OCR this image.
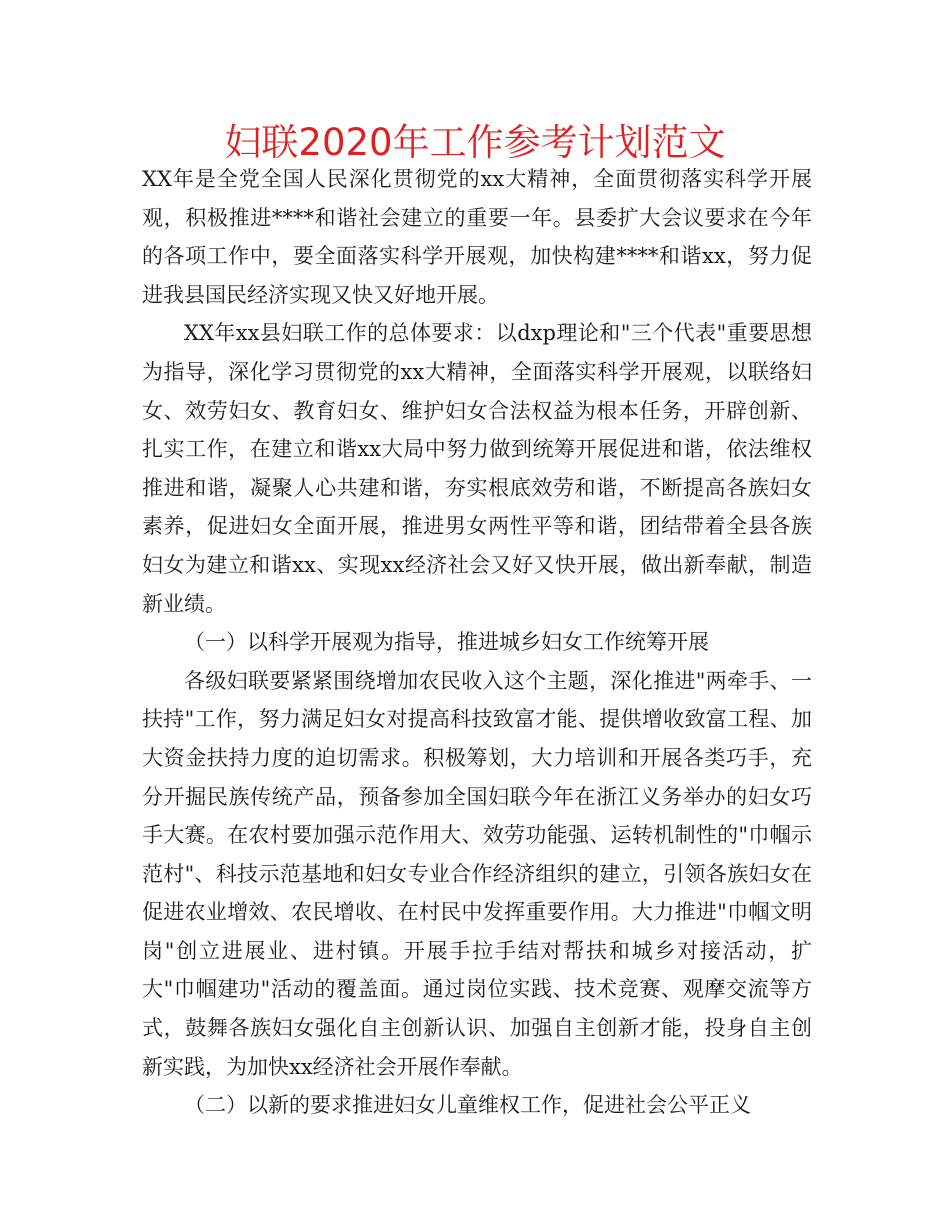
妇联2020年工作参考计划范文

XX年是全党全国人民深化贯彻党的xx大精神，全面贯彻落实科学开展观，积极推进****和谐社会建立的重要一年。县委扩大会议要求在今年的各项工作中，要全面落实科学开展观，加快构建****和谐xx，努力促进我县国民经济实现又快又好地开展。

XX年xx县妇联工作的总体要求：以dxp理论和"三个代表"重要思想为指导，深化学习贯彻党的xx大精神，全面落实科学开展观，以联络妇女、效劳妇女、教育妇女、维护妇女合法权益为根本任务，开辟创新、扎实工作，在建立和谐xx大局中努力做到统筹开展促进和谐，依法维权推进和谐，凝聚人心共建和谐，夯实根底效劳和谐，不断提高各族妇女素养，促进妇女全面开展，推进男女两性平等和谐，团结带着全县各族妇女为建立和谐xx、实现xx经济社会又好又快开展，做出新奉献，制造新业绩。

（一）以科学开展观为指导，推进城乡妇女工作统筹开展

各级妇联要紧紧围绕增加农民收入这个主题，深化推进"两牵手、一扶持"工作，努力满足妇女对提高科技致富才能、提供增收致富工程、加大资金扶持力度的迫切需求。积极筹划，大力培训和开展各类巧手，充分开掘民族传统产品，预备参加全国妇联今年在浙江义务举办的妇女巧手大赛。在农村要加强示范作用大、效劳功能强、运转机制性的"巾帼示范村"、科技示范基地和妇女专业合作经济组织的建立，引领各族妇女在促进农业增效、农民增收、在村民中发挥重要作用。大力推进"巾帼文明岗"创立进展业、进村镇。开展手拉手结对帮扶和城乡对接活动，扩大"巾帼建功"活动的覆盖面。通过岗位实践、技术竞赛、观摩交流等方式，鼓舞各族妇女强化自主创新认识、加强自主创新才能，投身自主创新实践，为加快xx经济社会开展作奉献。

（二）以新的要求推进妇女儿童维权工作，促进社会公平正义
